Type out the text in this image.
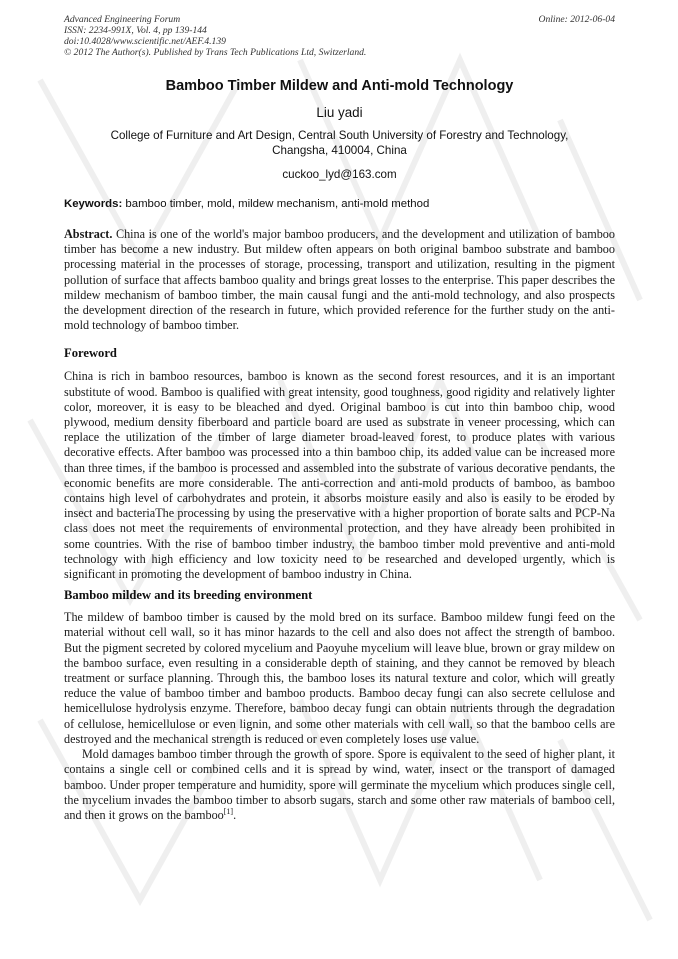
Advanced Engineering Forum
ISSN: 2234-991X, Vol. 4, pp 139-144
doi:10.4028/www.scientific.net/AEF.4.139
© 2012 The Author(s). Published by Trans Tech Publications Ltd, Switzerland.
Online: 2012-06-04
Bamboo Timber Mildew and Anti-mold Technology
Liu yadi
College of Furniture and Art Design, Central South University of Forestry and Technology,
Changsha, 410004, China
cuckoo_lyd@163.com
Keywords: bamboo timber, mold, mildew mechanism, anti-mold method

Abstract. China is one of the world's major bamboo producers, and the development and utilization of bamboo timber has become a new industry. But mildew often appears on both original bamboo substrate and bamboo processing material in the processes of storage, processing, transport and utilization, resulting in the pigment pollution of surface that affects bamboo quality and brings great losses to the enterprise. This paper describes the mildew mechanism of bamboo timber, the main causal fungi and the anti-mold technology, and also prospects the development direction of the research in future, which provided reference for the further study on the anti-mold technology of bamboo timber.

Foreword

China is rich in bamboo resources, bamboo is known as the second forest resources, and it is an important substitute of wood. Bamboo is qualified with great intensity, good toughness, good rigidity and relatively lighter color, moreover, it is easy to be bleached and dyed. Original bamboo is cut into thin bamboo chip, wood plywood, medium density fiberboard and particle board are used as substrate in veneer processing, which can replace the utilization of the timber of large diameter broad-leaved forest, to produce plates with various decorative effects. After bamboo was processed into a thin bamboo chip, its added value can be increased more than three times, if the bamboo is processed and assembled into the substrate of various decorative pendants, the economic benefits are more considerable. The anti-correction and anti-mold products of bamboo, as bamboo contains high level of carbohydrates and protein, it absorbs moisture easily and also is easily to be eroded by insect and bacteriaThe processing by using the preservative with a higher proportion of borate salts and PCP-Na class does not meet the requirements of environmental protection, and they have already been prohibited in some countries. With the rise of bamboo timber industry, the bamboo timber mold preventive and anti-mold technology with high efficiency and low toxicity need to be researched and developed urgently, which is significant in promoting the development of bamboo industry in China.

Bamboo mildew and its breeding environment

The mildew of bamboo timber is caused by the mold bred on its surface. Bamboo mildew fungi feed on the material without cell wall, so it has minor hazards to the cell and also does not affect the strength of bamboo. But the pigment secreted by colored mycelium and Paoyuhe mycelium will leave blue, brown or gray mildew on the bamboo surface, even resulting in a considerable depth of staining, and they cannot be removed by bleach treatment or surface planning. Through this, the bamboo loses its natural texture and color, which will greatly reduce the value of bamboo timber and bamboo products. Bamboo decay fungi can also secrete cellulose and hemicellulose hydrolysis enzyme. Therefore, bamboo decay fungi can obtain nutrients through the degradation of cellulose, hemicellulose or even lignin, and some other materials with cell wall, so that the bamboo cells are destroyed and the mechanical strength is reduced or even completely loses use value.

Mold damages bamboo timber through the growth of spore. Spore is equivalent to the seed of higher plant, it contains a single cell or combined cells and it is spread by wind, water, insect or the transport of damaged bamboo. Under proper temperature and humidity, spore will germinate the mycelium which produces single cell, the mycelium invades the bamboo timber to absorb sugars, starch and some other raw materials of bamboo cell, and then it grows on the bamboo[1].
